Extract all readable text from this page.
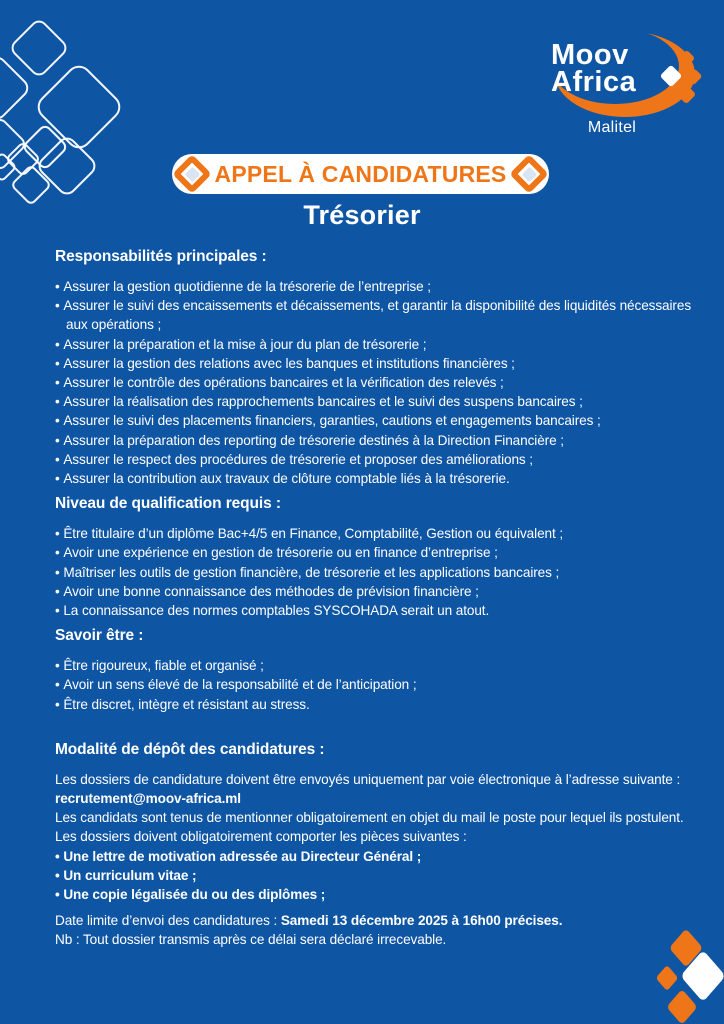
Moov
Africa
Malitel
APPEL À CANDIDATURES
Trésorier
Responsabilités principales :
• Assurer la gestion quotidienne de la trésorerie de l’entreprise ;
• Assurer le suivi des encaissements et décaissements, et garantir la disponibilité des liquidités nécessaires aux opérations ;
• Assurer la préparation et la mise à jour du plan de trésorerie ;
• Assurer la gestion des relations avec les banques et institutions financières ;
• Assurer le contrôle des opérations bancaires et la vérification des relevés ;
• Assurer la réalisation des rapprochements bancaires et le suivi des suspens bancaires ;
• Assurer le suivi des placements financiers, garanties, cautions et engagements bancaires ;
• Assurer la préparation des reporting de trésorerie destinés à la Direction Financière ;
• Assurer le respect des procédures de trésorerie et proposer des améliorations ;
• Assurer la contribution aux travaux de clôture comptable liés à la trésorerie.
Niveau de qualification requis :
• Être titulaire d’un diplôme Bac+4/5 en Finance, Comptabilité, Gestion ou équivalent ;
• Avoir une expérience en gestion de trésorerie ou en finance d’entreprise ;
• Maîtriser les outils de gestion financière, de trésorerie et les applications bancaires ;
• Avoir une bonne connaissance des méthodes de prévision financière ;
• La connaissance des normes comptables SYSCOHADA serait un atout.
Savoir être :
• Être rigoureux, fiable et organisé ;
• Avoir un sens élevé de la responsabilité et de l’anticipation ;
• Être discret, intègre et résistant au stress.
Modalité de dépôt des candidatures :

Les dossiers de candidature doivent être envoyés uniquement par voie électronique à l’adresse suivante :

recrutement@moov-africa.ml

Les candidats sont tenus de mentionner obligatoirement en objet du mail le poste pour lequel ils postulent.

Les dossiers doivent obligatoirement comporter les pièces suivantes :

• Une lettre de motivation adressée au Directeur Général ;
• Un curriculum vitae ;
• Une copie légalisée du ou des diplômes ;

Date limite d’envoi des candidatures : Samedi 13 décembre 2025 à 16h00 précises.

Nb : Tout dossier transmis après ce délai sera déclaré irrecevable.
